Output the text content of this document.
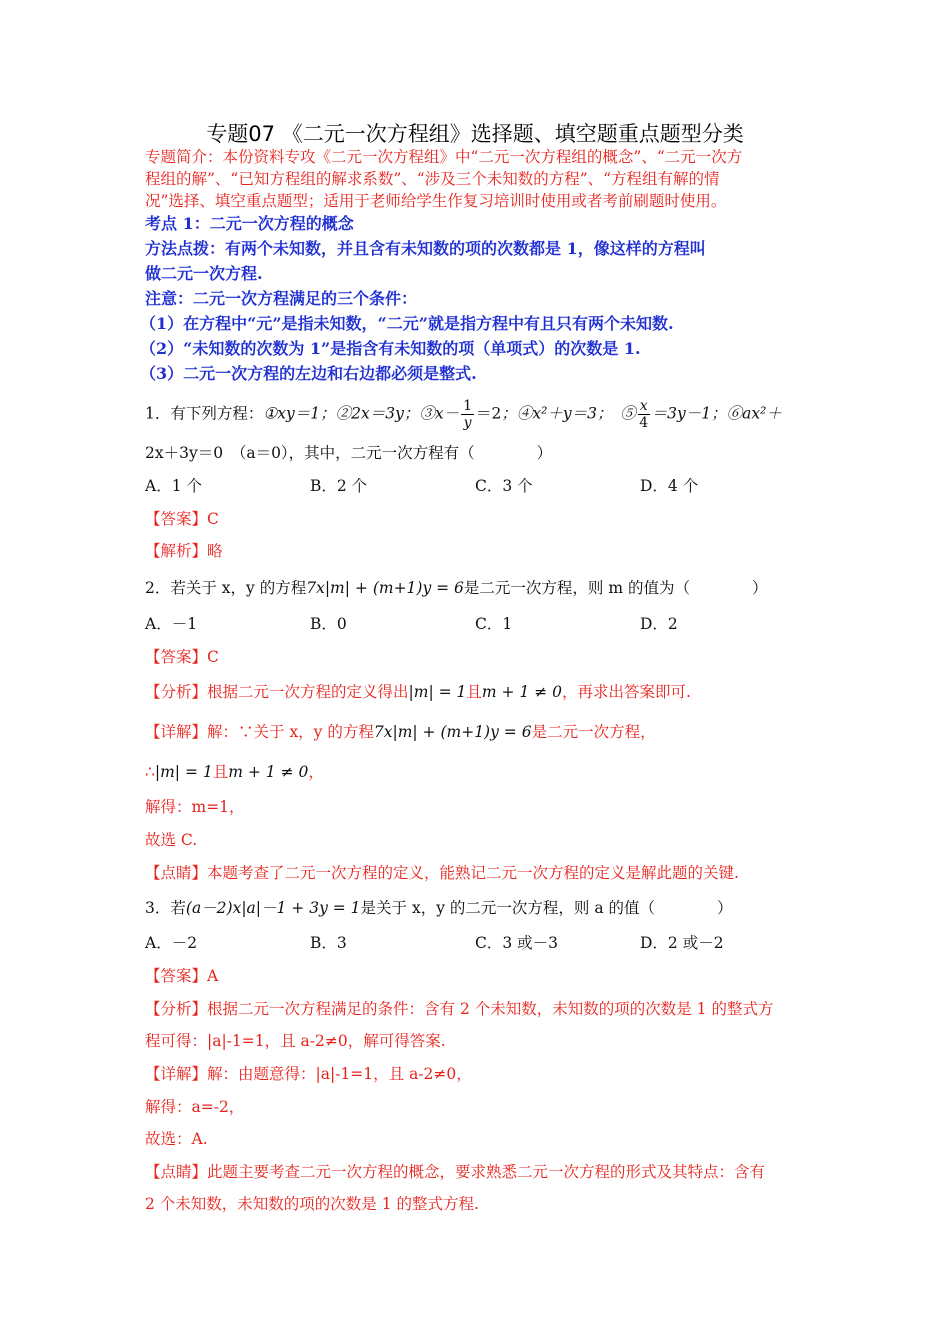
专题07 《二元一次方程组》选择题、填空题重点题型分类
专题简介：本份资料专攻《二元一次方程组》中“二元一次方程组的概念”、“二元一次方
程组的解”、“已知方程组的解求系数”、“涉及三个未知数的方程”、“方程组有解的情
况”选择、填空重点题型；适用于老师给学生作复习培训时使用或者考前刷题时使用。
考点 1：二元一次方程的概念
方法点拨：有两个未知数，并且含有未知数的项的次数都是 1，像这样的方程叫
做二元一次方程.
注意：二元一次方程满足的三个条件：
（1）在方程中“元”是指未知数，“二元”就是指方程中有且只有两个未知数.
（2）“未知数的次数为 1”是指含有未知数的项（单项式）的次数是 1.
（3）二元一次方程的左边和右边都必须是整式.
1．有下列方程：①xy＝1；②2x＝3y；③x－ $\frac{1}{y} =2$；④x²＋y＝3；　⑤ $\frac{x}{4} =3y-1$；⑥ax²＋
2x＋3y＝0　（a＝0），其中，二元一次方程有（　　　　）
A．1 个	B．2 个	C．3 个	D．4 个
【答案】C
【解析】略
2．若关于 x，y 的方程7x|m| + (m+1)y = 6是二元一次方程，则 m 的值为（　　　　）
A．－1	B．0	C．1	D．2
【答案】C
【分析】根据二元一次方程的定义得出|m| = 1且m + 1 ≠ 0，再求出答案即可.
【详解】解：∵关于 x，y 的方程7x|m| + (m+1)y = 6是二元一次方程，
∴|m| = 1且m + 1 ≠ 0，
解得：m=1，
故选 C.
【点睛】本题考查了二元一次方程的定义，能熟记二元一次方程的定义是解此题的关键.
3．若(a－2)x|a|－1 + 3y = 1是关于 x，y 的二元一次方程，则 a 的值（　　　　）
A．－2	B．3	C．3 或－3	D．2 或－2
【答案】A
【分析】根据二元一次方程满足的条件：含有 2 个未知数，未知数的项的次数是 1 的整式方
程可得：|a|-1=1，且 a-2≠0，解可得答案.
【详解】解：由题意得：|a|-1=1，且 a-2≠0，
解得：a=-2，
故选：A.
【点睛】此题主要考查二元一次方程的概念，要求熟悉二元一次方程的形式及其特点：含有
2 个未知数，未知数的项的次数是 1 的整式方程.
